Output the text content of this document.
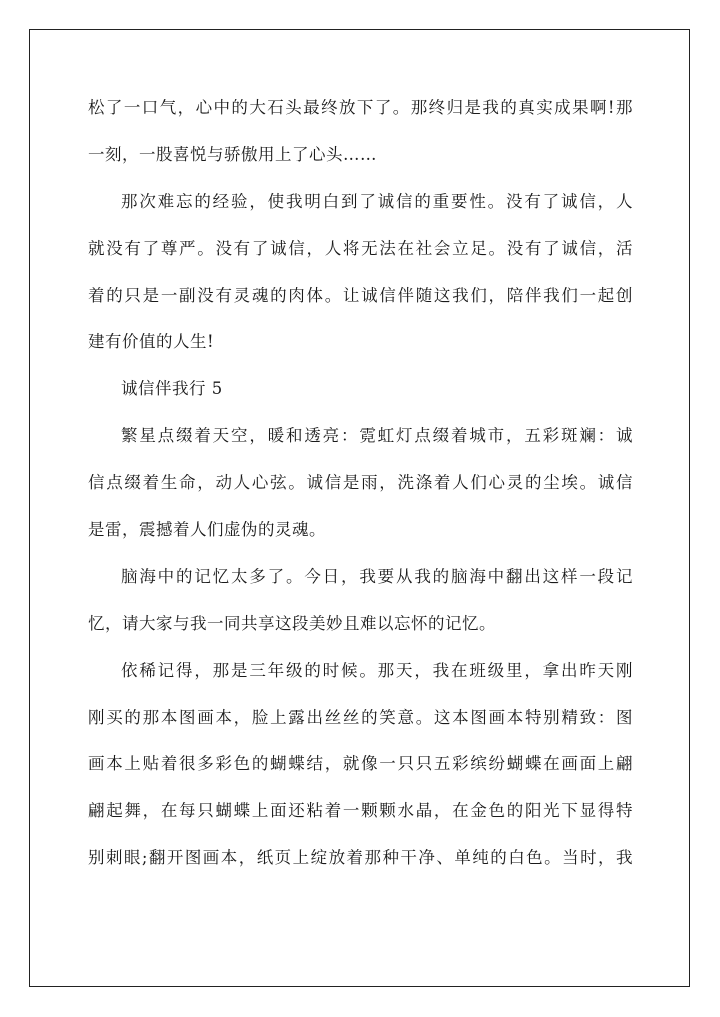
松了一口气，心中的大石头最终放下了。那终归是我的真实成果啊!那
一刻，一股喜悦与骄傲用上了心头……
那次难忘的经验，使我明白到了诚信的重要性。没有了诚信，人
就没有了尊严。没有了诚信，人将无法在社会立足。没有了诚信，活
着的只是一副没有灵魂的肉体。让诚信伴随这我们，陪伴我们一起创
建有价值的人生!
诚信伴我行 5
繁星点缀着天空，暖和透亮：霓虹灯点缀着城市，五彩斑斓：诚
信点缀着生命，动人心弦。诚信是雨，洗涤着人们心灵的尘埃。诚信
是雷，震撼着人们虚伪的灵魂。
脑海中的记忆太多了。今日，我要从我的脑海中翻出这样一段记
忆，请大家与我一同共享这段美妙且难以忘怀的记忆。
依稀记得，那是三年级的时候。那天，我在班级里，拿出昨天刚
刚买的那本图画本，脸上露出丝丝的笑意。这本图画本特别精致：图
画本上贴着很多彩色的蝴蝶结，就像一只只五彩缤纷蝴蝶在画面上翩
翩起舞，在每只蝴蝶上面还粘着一颗颗水晶，在金色的阳光下显得特
别刺眼;翻开图画本，纸页上绽放着那种干净、单纯的白色。当时，我
